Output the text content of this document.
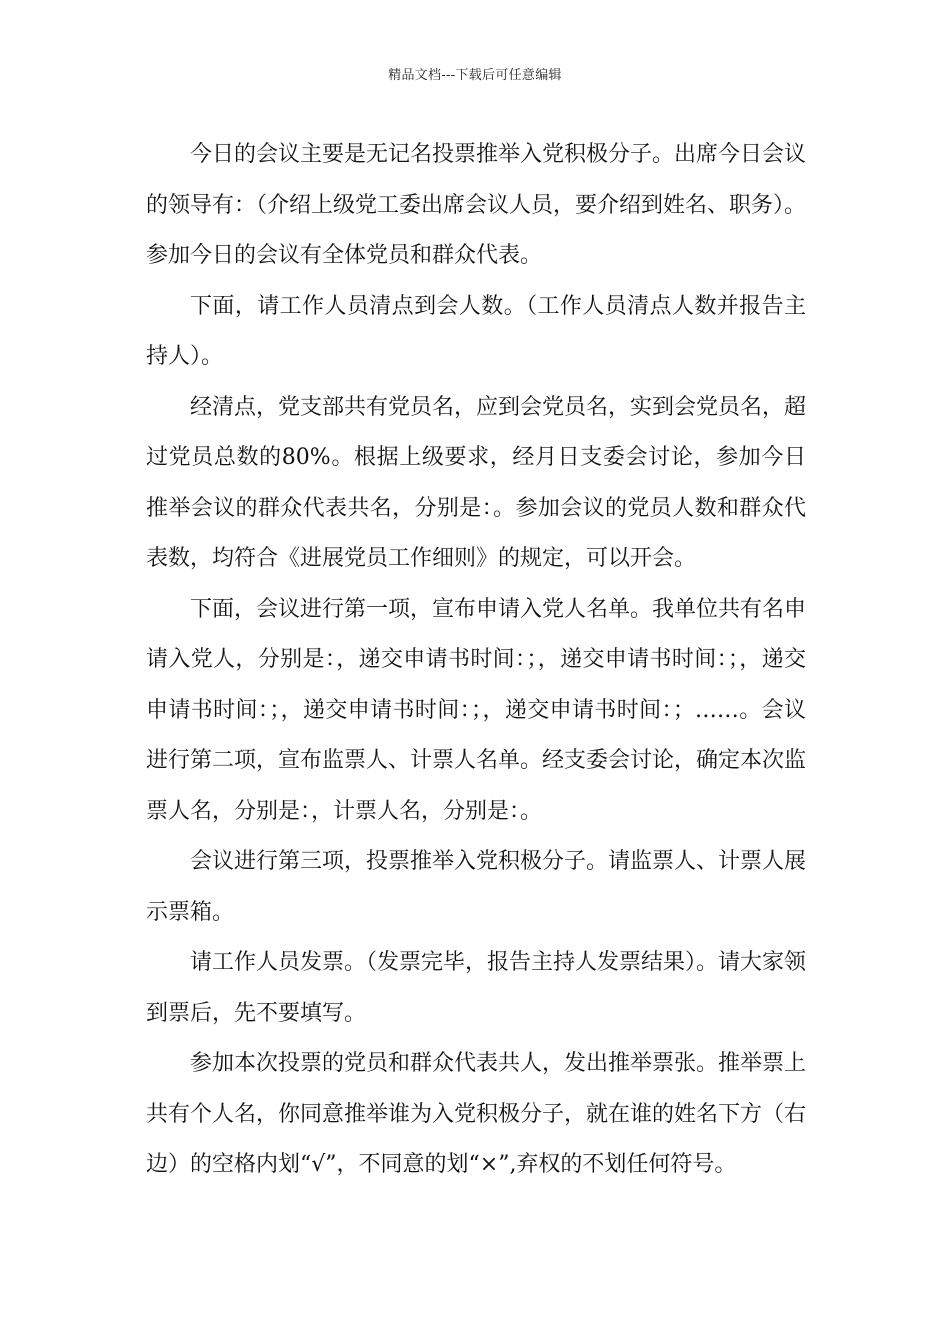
精品文档---下载后可任意编辑

今日的会议主要是无记名投票推举入党积极分子。出席今日会议的领导有：（介绍上级党工委出席会议人员，要介绍到姓名、职务）。参加今日的会议有全体党员和群众代表。

下面，请工作人员清点到会人数。（工作人员清点人数并报告主持人）。

经清点，党支部共有党员名，应到会党员名，实到会党员名，超过党员总数的80%。根据上级要求，经月日支委会讨论，参加今日推举会议的群众代表共名，分别是：。参加会议的党员人数和群众代表数，均符合《进展党员工作细则》的规定，可以开会。

下面，会议进行第一项，宣布申请入党人名单。我单位共有名申请入党人，分别是：，递交申请书时间：；，递交申请书时间：；，递交申请书时间：；，递交申请书时间：；，递交申请书时间：；……。会议进行第二项，宣布监票人、计票人名单。经支委会讨论，确定本次监票人名，分别是：，计票人名，分别是：。

会议进行第三项，投票推举入党积极分子。请监票人、计票人展示票箱。

请工作人员发票。（发票完毕，报告主持人发票结果）。请大家领到票后，先不要填写。

参加本次投票的党员和群众代表共人，发出推举票张。推举票上共有个人名，你同意推举谁为入党积极分子，就在谁的姓名下方（右边）的空格内划“√”，不同意的划“×”,弃权的不划任何符号。
